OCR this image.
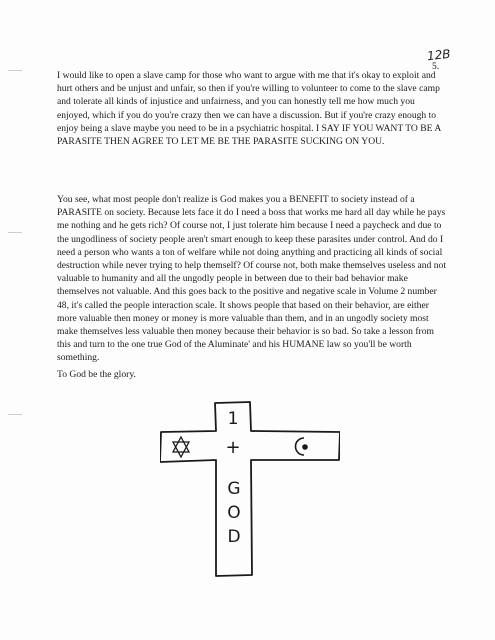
12B
5.

I would like to open a slave camp for those who want to argue with me that it's okay to exploit and hurt others and be unjust and unfair, so then if you're willing to volunteer to come to the slave camp and tolerate all kinds of injustice and unfairness, and you can honestly tell me how much you enjoyed, which if you do you're crazy then we can have a discussion. But if you're crazy enough to enjoy being a slave maybe you need to be in a psychiatric hospital. I SAY IF YOU WANT TO BE A PARASITE THEN AGREE TO LET ME BE THE PARASITE SUCKING ON YOU.

You see, what most people don't realize is God makes you a BENEFIT to society instead of a PARASITE on society. Because lets face it do I need a boss that works me hard all day while he pays me nothing and he gets rich? Of course not, I just tolerate him because I need a paycheck and due to the ungodliness of society people aren't smart enough to keep these parasites under control. And do I need a person who wants a ton of welfare while not doing anything and practicing all kinds of social destruction while never trying to help themself? Of course not, both make themselves useless and not valuable to humanity and all the ungodly people in between due to their bad behavior make themselves not valuable. And this goes back to the positive and negative scale in Volume 2 number 48, it's called the people interaction scale. It shows people that based on their behavior, are either more valuable then money or money is more valuable than them, and in an ungodly society most make themselves less valuable then money because their behavior is so bad. So take a lesson from this and turn to the one true God of the Aluminate' and his HUMANE law so you'll be worth something.

To God be the glory.

1
+
G
O
D
